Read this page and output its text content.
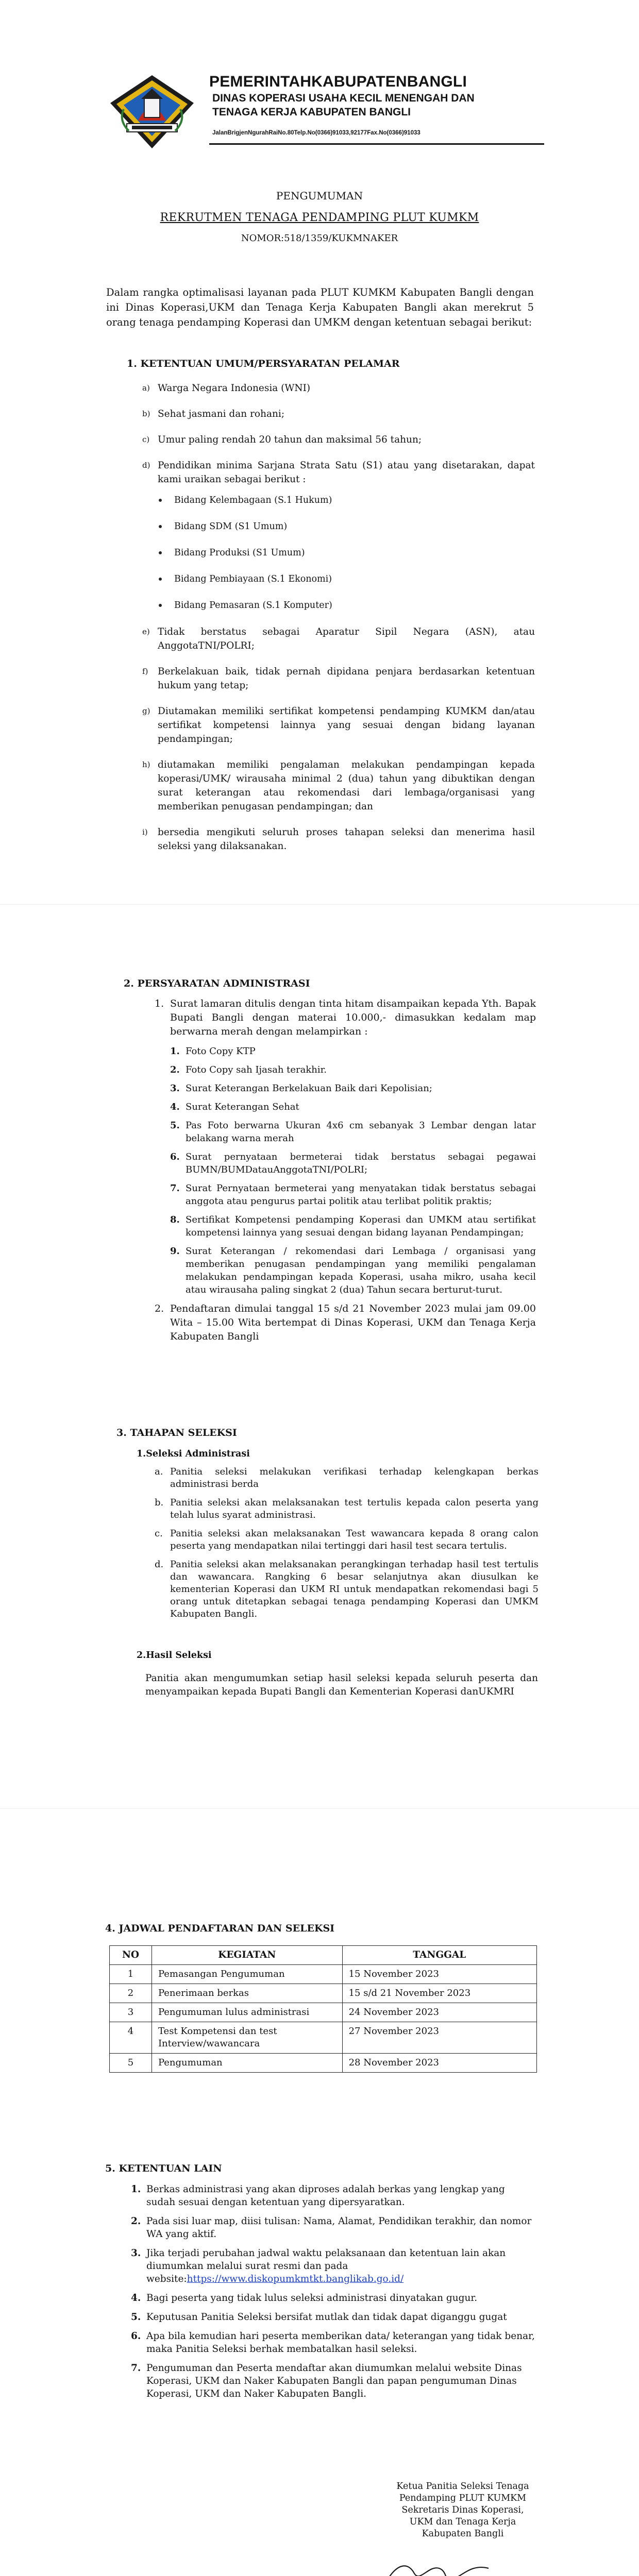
PEMERINTAHKABUPATENBANGLI
DINAS KOPERASI USAHA KECIL MENENGAH DAN
TENAGA KERJA KABUPATEN BANGLI
JalanBrigjenNgurahRaiNo.80Telp.No(0366)91033,92177Fax.No(0366)91033
PENGUMUMAN
REKRUTMEN TENAGA PENDAMPING PLUT KUMKM
NOMOR:518/1359/KUKMNAKER
Dalam rangka optimalisasi layanan pada PLUT KUMKM Kabupaten Bangli dengan ini Dinas Koperasi,UKM dan Tenaga Kerja Kabupaten Bangli akan merekrut 5 orang tenaga pendamping Koperasi dan UMKM dengan ketentuan sebagai berikut:
1. KETENTUAN UMUM/PERSYARATAN PELAMAR
a) Warga Negara Indonesia (WNI)
b) Sehat jasmani dan rohani;
c) Umur paling rendah 20 tahun dan maksimal 56 tahun;
d) Pendidikan minima Sarjana Strata Satu (S1) atau yang disetarakan, dapat kami uraikan sebagai berikut :
Bidang Kelembagaan (S.1 Hukum)
Bidang SDM (S1 Umum)
Bidang Produksi (S1 Umum)
Bidang Pembiayaan (S.1 Ekonomi)
Bidang Pemasaran (S.1 Komputer)
e) Tidak berstatus sebagai Aparatur Sipil Negara (ASN), atau AnggotaTNI/POLRI;
f)	Berkelakuan baik, tidak pernah dipidana penjara berdasarkan ketentuan hukum yang tetap;
g) Diutamakan memiliki sertifikat kompetensi pendamping KUMKM dan/atau sertifikat kompetensi lainnya yang sesuai dengan bidang layanan pendampingan;
h) diutamakan memiliki pengalaman melakukan pendampingan kepada koperasi/UMK/ wirausaha minimal 2 (dua) tahun yang dibuktikan dengan surat keterangan atau rekomendasi dari lembaga/organisasi yang memberikan penugasan pendampingan; dan
i)	bersedia mengikuti seluruh proses tahapan seleksi dan menerima hasil seleksi yang dilaksanakan.
2. PERSYARATAN ADMINISTRASI
1. Surat lamaran ditulis dengan tinta hitam disampaikan kepada Yth. Bapak Bupati Bangli dengan materai 10.000,- dimasukkan kedalam map berwarna merah dengan melampirkan :
1. Foto Copy KTP
2. Foto Copy sah Ijasah terakhir.
3. Surat Keterangan Berkelakuan Baik dari Kepolisian;
4. Surat Keterangan Sehat
5. Pas Foto berwarna Ukuran 4x6 cm sebanyak 3 Lembar dengan latar belakang warna merah
6. Surat pernyataan bermeterai tidak berstatus sebagai pegawai BUMN/BUMDatauAnggotaTNI/POLRI;
7. Surat Pernyataan bermeterai yang menyatakan tidak berstatus sebagai anggota atau pengurus partai politik atau terlibat politik praktis;
8. Sertifikat Kompetensi pendamping Koperasi dan UMKM atau sertifikat kompetensi lainnya yang sesuai dengan bidang layanan Pendampingan;
9. Surat Keterangan / rekomendasi dari Lembaga / organisasi yang memberikan penugasan pendampingan yang memiliki pengalaman melakukan pendampingan kepada Koperasi, usaha mikro, usaha kecil atau wirausaha paling singkat 2 (dua) Tahun secara berturut-turut.
2. Pendaftaran dimulai tanggal 15 s/d 21 November 2023 mulai jam 09.00 Wita – 15.00 Wita bertempat di Dinas Koperasi, UKM dan Tenaga Kerja Kabupaten Bangli
3. TAHAPAN SELEKSI
1.Seleksi Administrasi
a. Panitia seleksi melakukan verifikasi terhadap kelengkapan berkas administrasi berda
b. Panitia seleksi akan melaksanakan test tertulis kepada calon peserta yang telah lulus syarat administrasi.
c. Panitia seleksi akan melaksanakan Test wawancara kepada 8 orang calon peserta yang mendapatkan nilai tertinggi dari hasil test secara tertulis.
d. Panitia seleksi akan melaksanakan perangkingan terhadap hasil test tertulis dan wawancara. Rangking 6 besar selanjutnya akan diusulkan ke kementerian Koperasi dan UKM RI untuk mendapatkan rekomendasi bagi 5 orang untuk ditetapkan sebagai tenaga pendamping Koperasi dan UMKM Kabupaten Bangli.
2.Hasil Seleksi
Panitia akan mengumumkan setiap hasil seleksi kepada seluruh peserta dan menyampaikan kepada Bupati Bangli dan Kementerian Koperasi danUKMRI
4. JADWAL PENDAFTARAN DAN SELEKSI
NO	KEGIATAN	TANGGAL
1	Pemasangan Pengumuman	15 November 2023
2	Penerimaan berkas	15 s/d 21 November 2023
3	Pengumuman lulus administrasi	24 November 2023
4	Test Kompetensi dan test Interview/wawancara	27 November 2023
5	Pengumuman	28 November 2023
5. KETENTUAN LAIN
1. Berkas administrasi yang akan diproses adalah berkas yang lengkap yang sudah sesuai dengan ketentuan yang dipersyaratkan.
2. Pada sisi luar map, diisi tulisan: Nama, Alamat, Pendidikan terakhir, dan nomor WA yang aktif.
3. Jika terjadi perubahan jadwal waktu pelaksanaan dan ketentuan lain akan diumumkan melalui surat resmi dan pada website:https://www.diskopumkmtkt.banglikab.go.id/
4. Bagi peserta yang tidak lulus seleksi administrasi dinyatakan gugur.
5. Keputusan Panitia Seleksi bersifat mutlak dan tidak dapat diganggu gugat
6. Apa bila kemudian hari peserta memberikan data/ keterangan yang tidak benar, maka Panitia Seleksi berhak membatalkan hasil seleksi.
7. Pengumuman dan Peserta mendaftar akan diumumkan melalui website Dinas Koperasi, UKM dan Naker Kabupaten Bangli dan papan pengumuman Dinas Koperasi, UKM dan Naker Kabupaten Bangli.
Ketua Panitia Seleksi Tenaga
Pendamping PLUT KUMKM
Sekretaris Dinas Koperasi,
UKM dan Tenaga Kerja
Kabupaten Bangli
